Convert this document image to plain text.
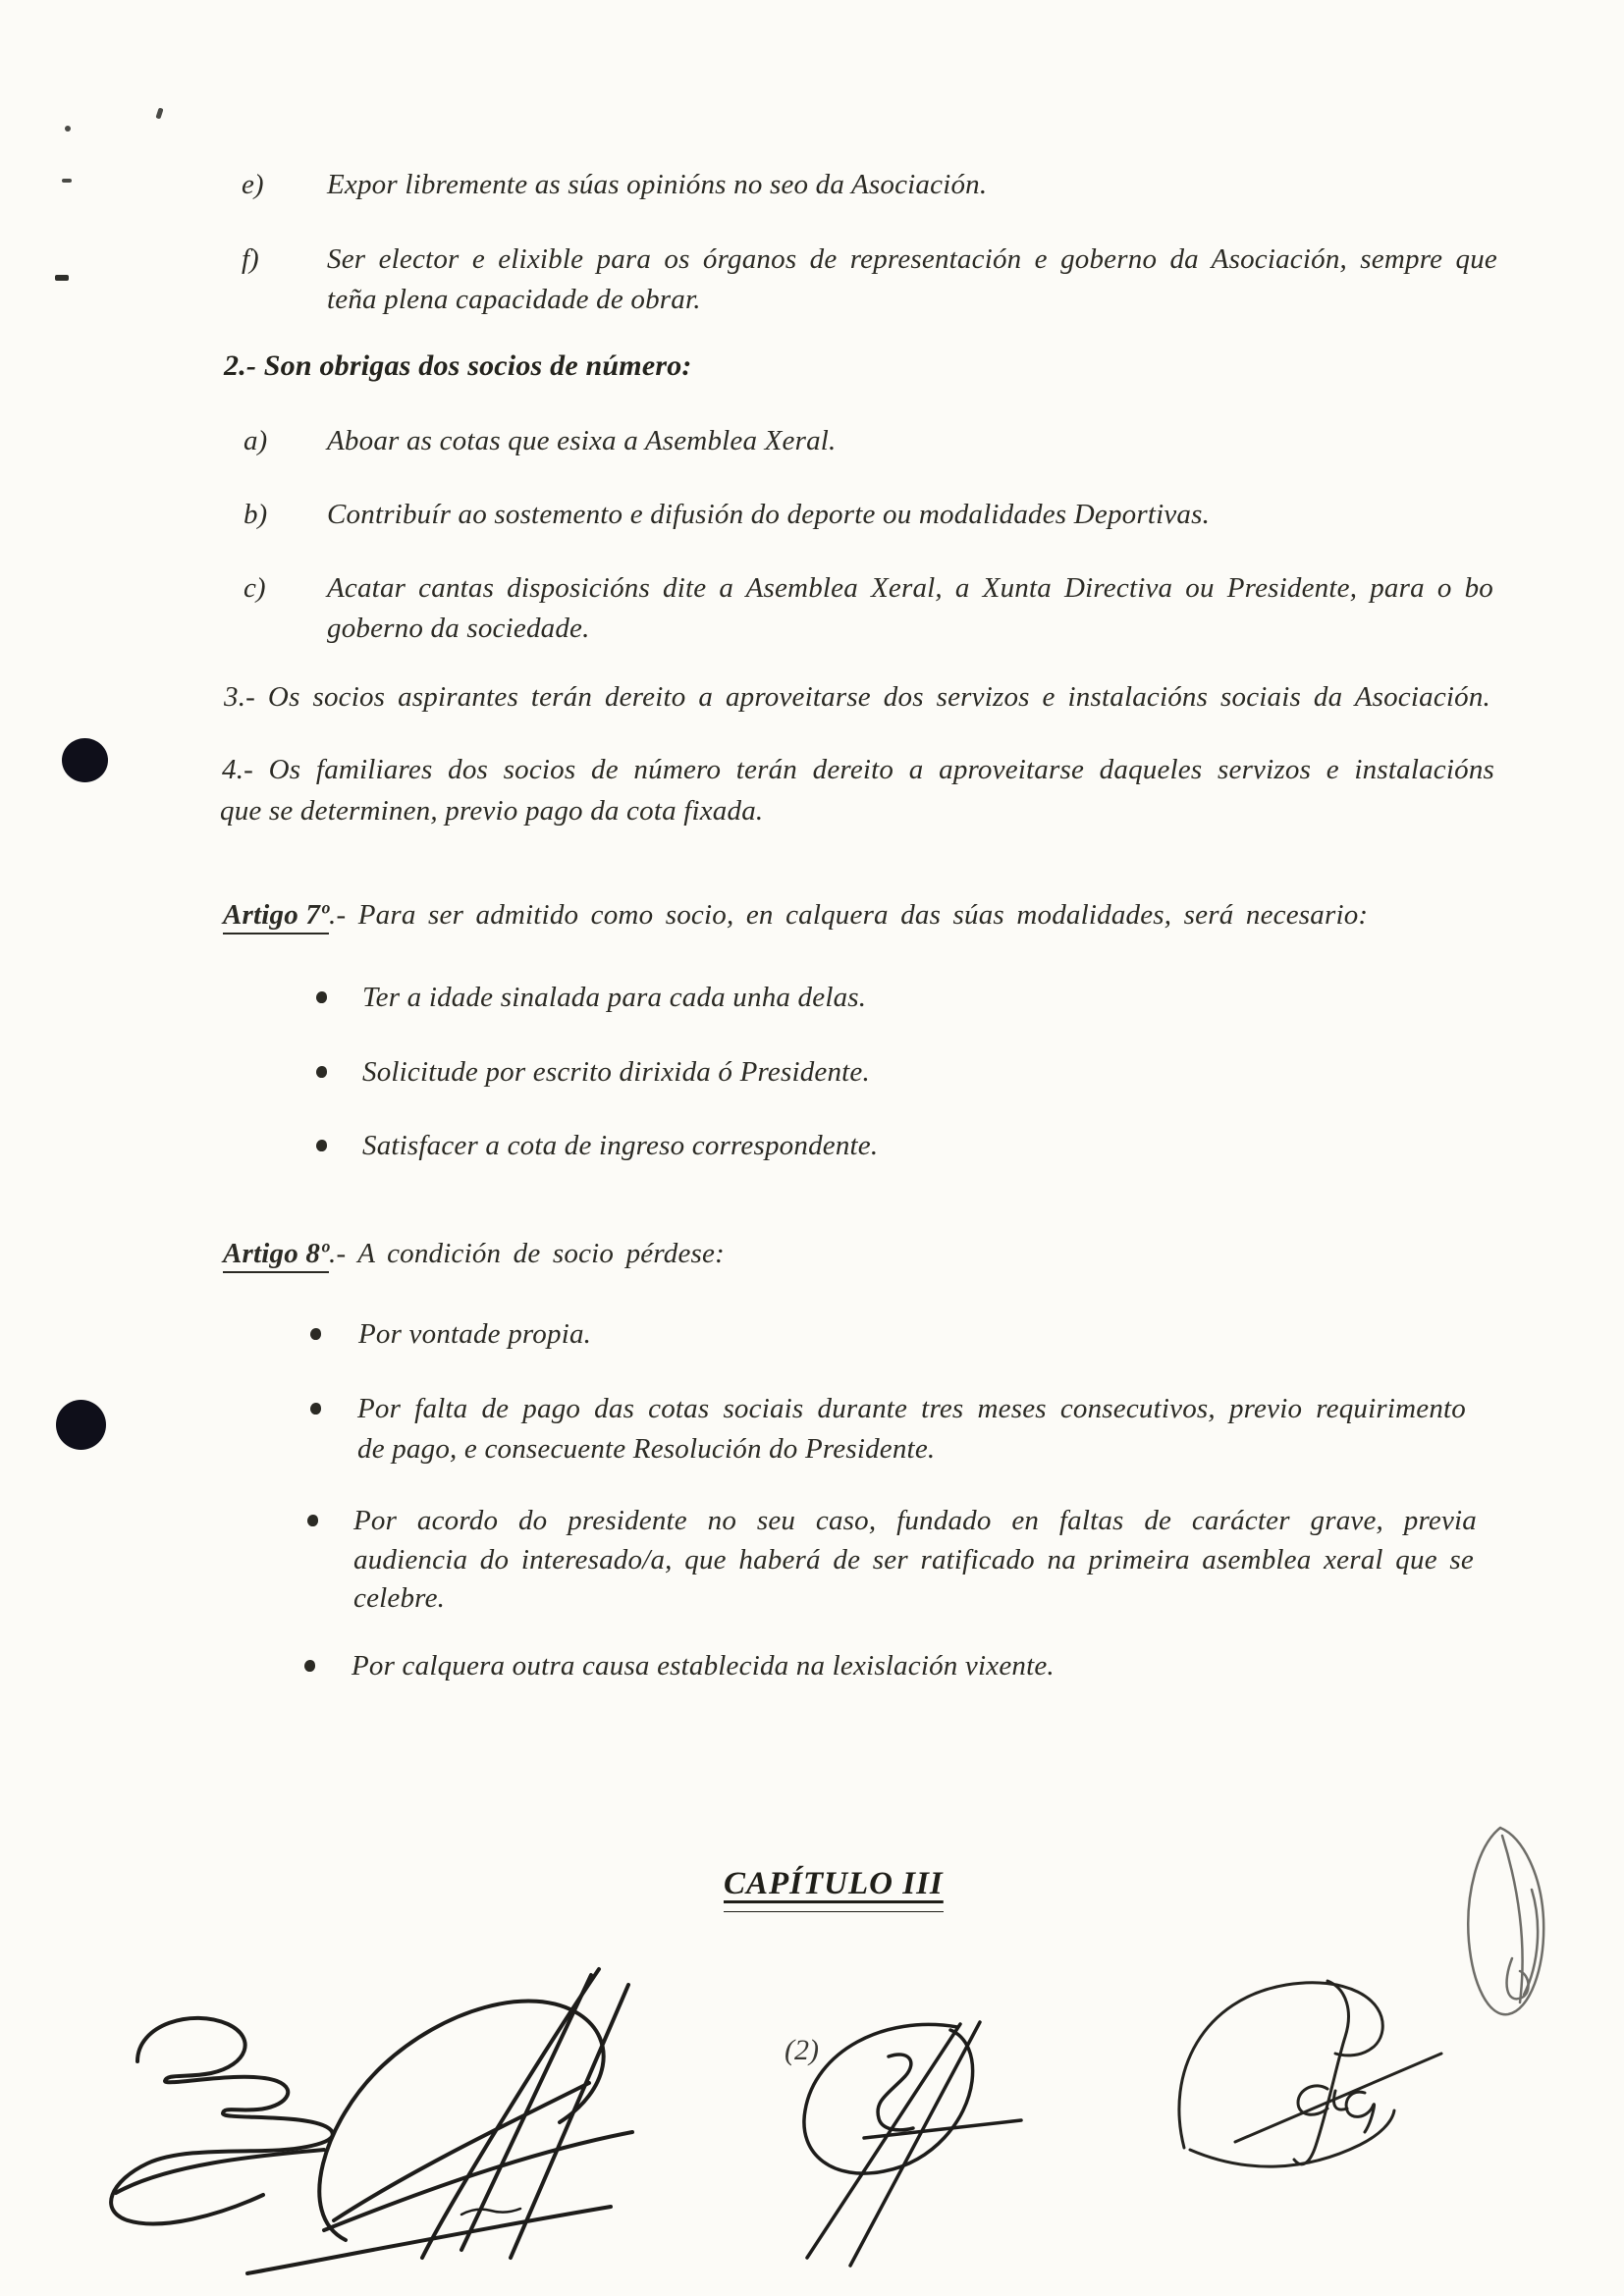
e) Expor libremente as súas opinións no seo da Asociación.
f) Ser elector e elixible para os órganos de representación e goberno da Asociación, sempre que
teña plena capacidade de obrar.
2.- Son obrigas dos socios de número:
a) Aboar as cotas que esixa a Asemblea Xeral.
b) Contribuír ao sostemento e difusión do deporte ou modalidades Deportivas.
c) Acatar cantas disposicións dite a Asemblea Xeral, a Xunta Directiva ou Presidente, para o bo
goberno da sociedade.
3.- Os socios aspirantes terán dereito a aproveitarse dos servizos e instalacións sociais da Asociación.
4.- Os familiares dos socios de número terán dereito a aproveitarse daqueles servizos e instalacións
que se determinen, previo pago da cota fixada.
Artigo 7º.- Para ser admitido como socio, en calquera das súas modalidades, será necesario:
Ter a idade sinalada para cada unha delas.
Solicitude por escrito dirixida ó Presidente.
Satisfacer a cota de ingreso correspondente.
Artigo 8º.- A condición de socio pérdese:
Por vontade propia.
Por falta de pago das cotas sociais durante tres meses consecutivos, previo requirimento
de pago, e consecuente Resolución do Presidente.
Por acordo do presidente no seu caso, fundado en faltas de carácter grave, previa
audiencia do interesado/a, que haberá de ser ratificado na primeira asemblea xeral que se
celebre.
Por calquera outra causa establecida na lexislación vixente.
CAPÍTULO III
(2)
